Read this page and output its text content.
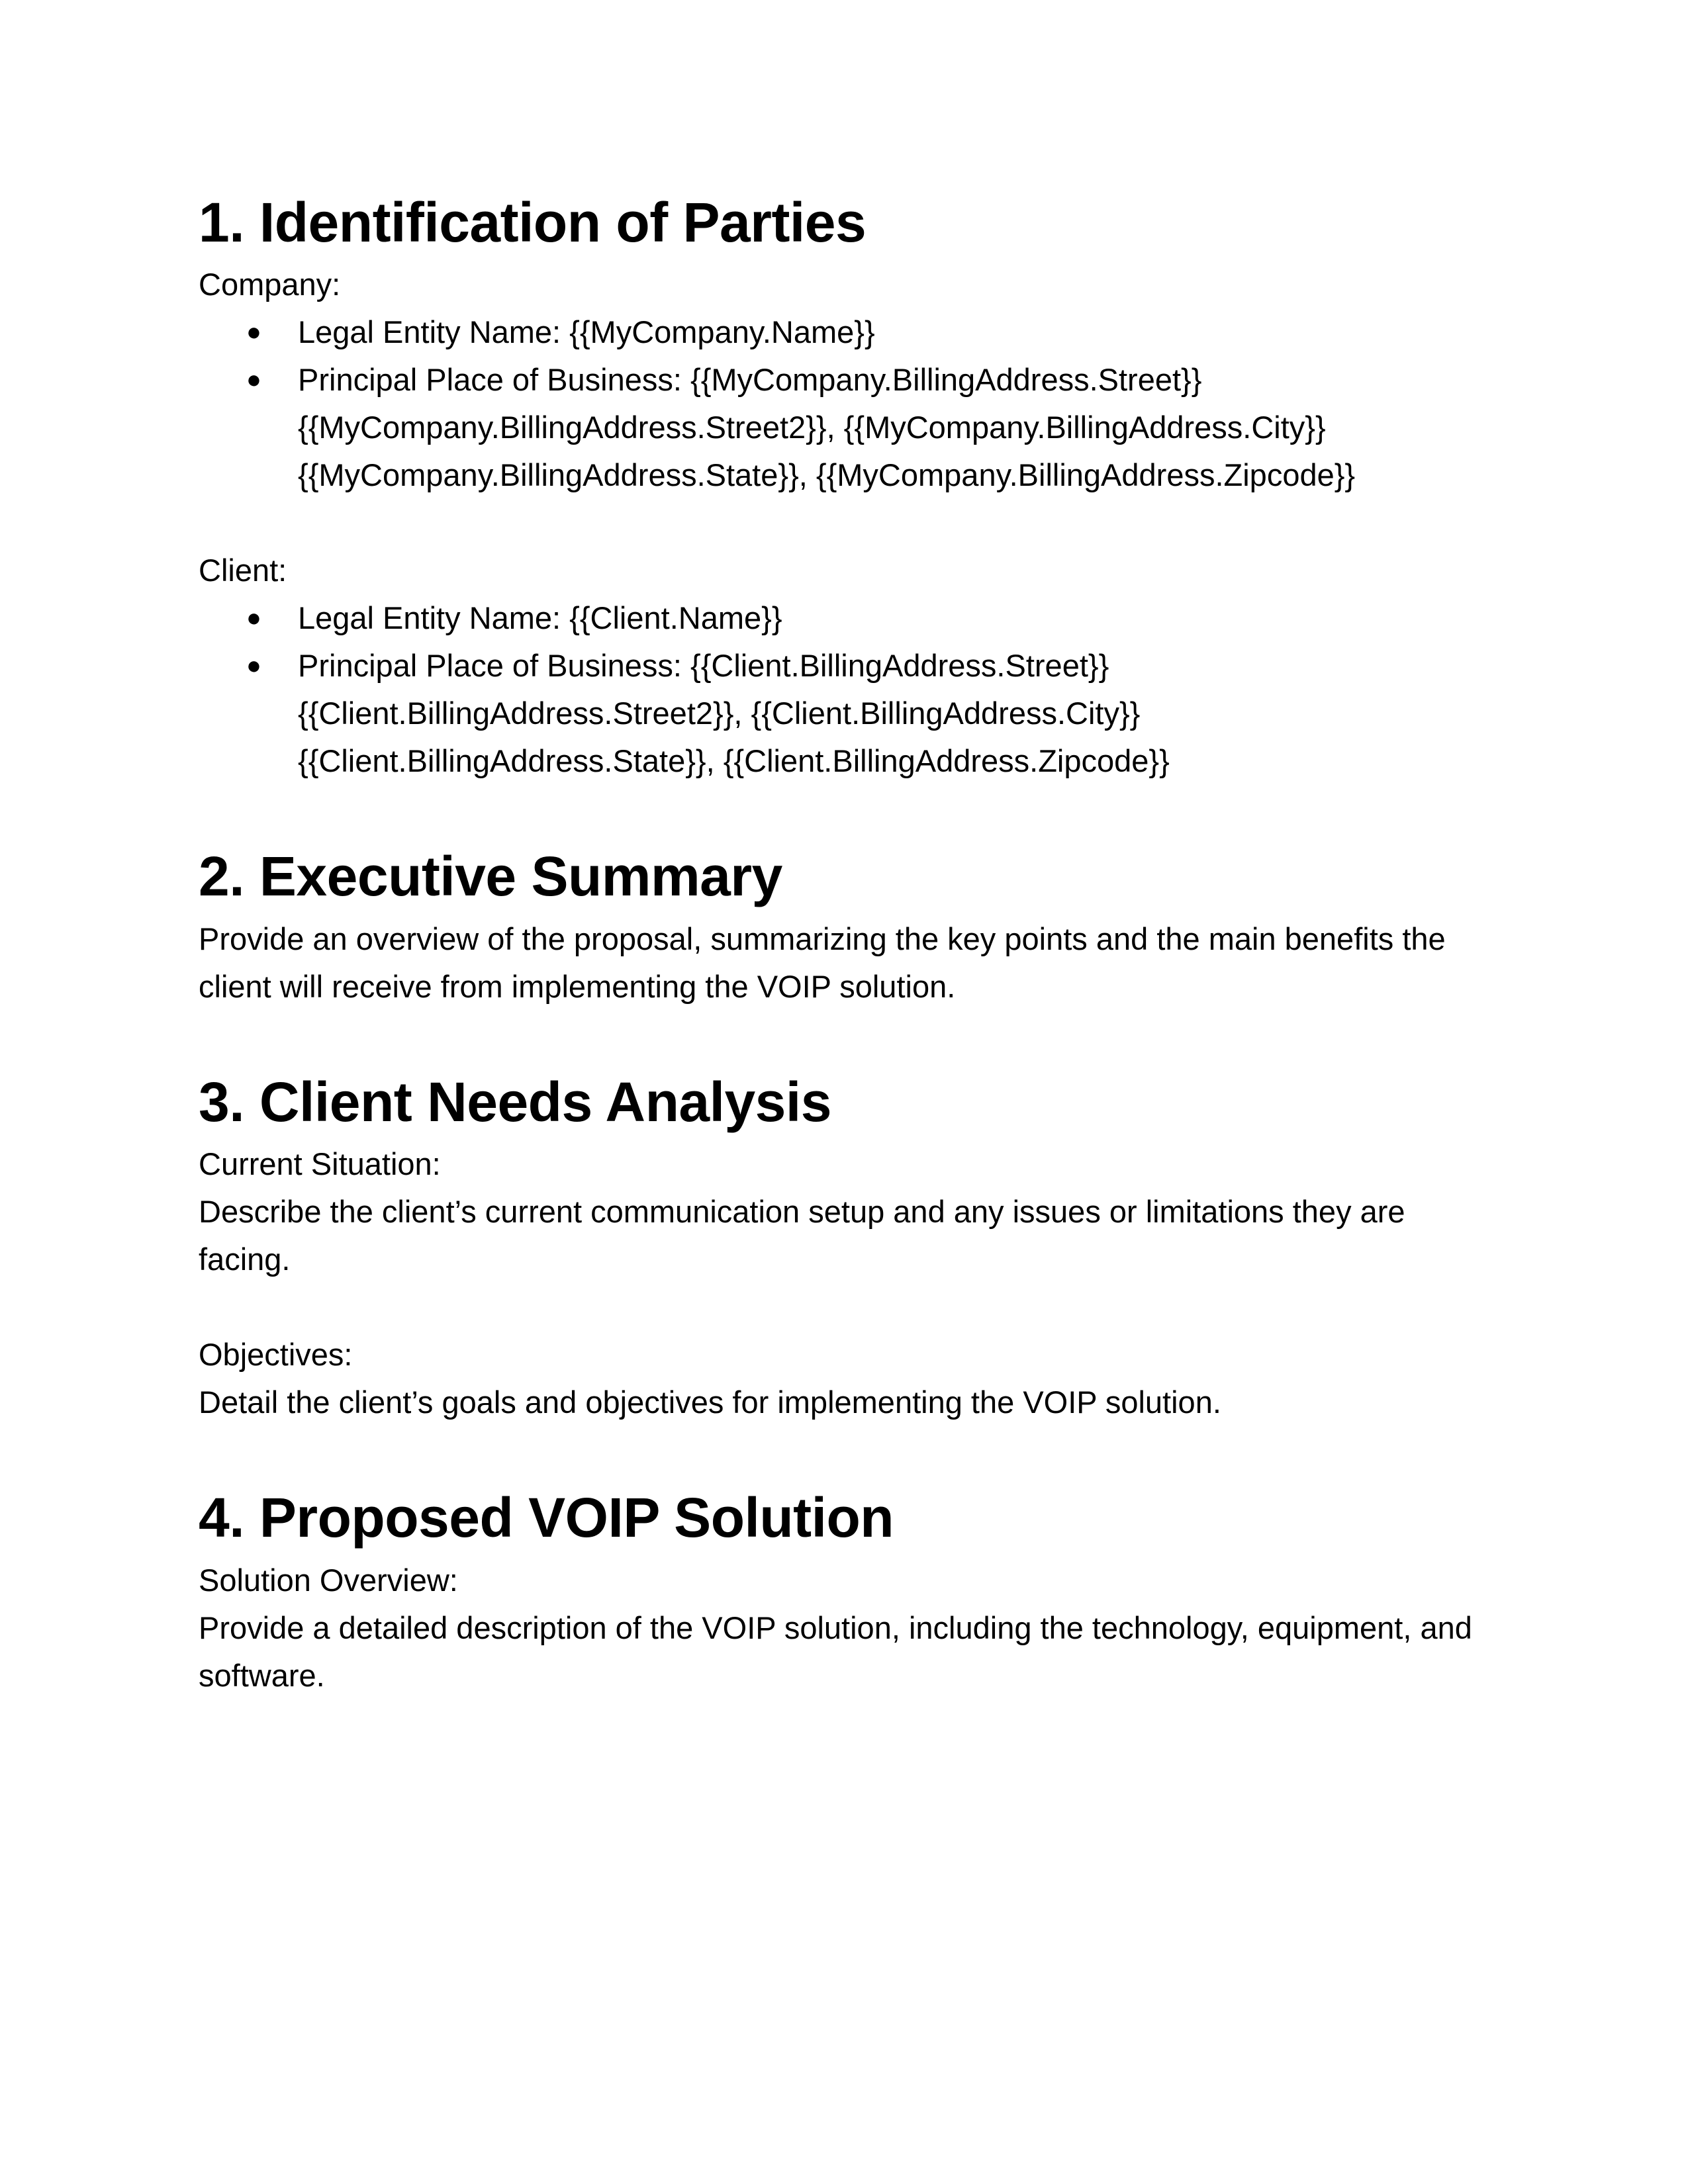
1. Identification of Parties

Company:

● Legal Entity Name: {{MyCompany.Name}}
● Principal Place of Business: {{MyCompany.BillingAddress.Street}} {{MyCompany.BillingAddress.Street2}}, {{MyCompany.BillingAddress.City}} {{MyCompany.BillingAddress.State}}, {{MyCompany.BillingAddress.Zipcode}}

Client:

● Legal Entity Name: {{Client.Name}}
● Principal Place of Business: {{Client.BillingAddress.Street}} {{Client.BillingAddress.Street2}}, {{Client.BillingAddress.City}} {{Client.BillingAddress.State}}, {{Client.BillingAddress.Zipcode}}
2. Executive Summary

Provide an overview of the proposal, summarizing the key points and the main benefits the client will receive from implementing the VOIP solution.

3. Client Needs Analysis

Current Situation:

Describe the client’s current communication setup and any issues or limitations they are facing.

Objectives:

Detail the client’s goals and objectives for implementing the VOIP solution.

4. Proposed VOIP Solution

Solution Overview:

Provide a detailed description of the VOIP solution, including the technology, equipment, and software.
